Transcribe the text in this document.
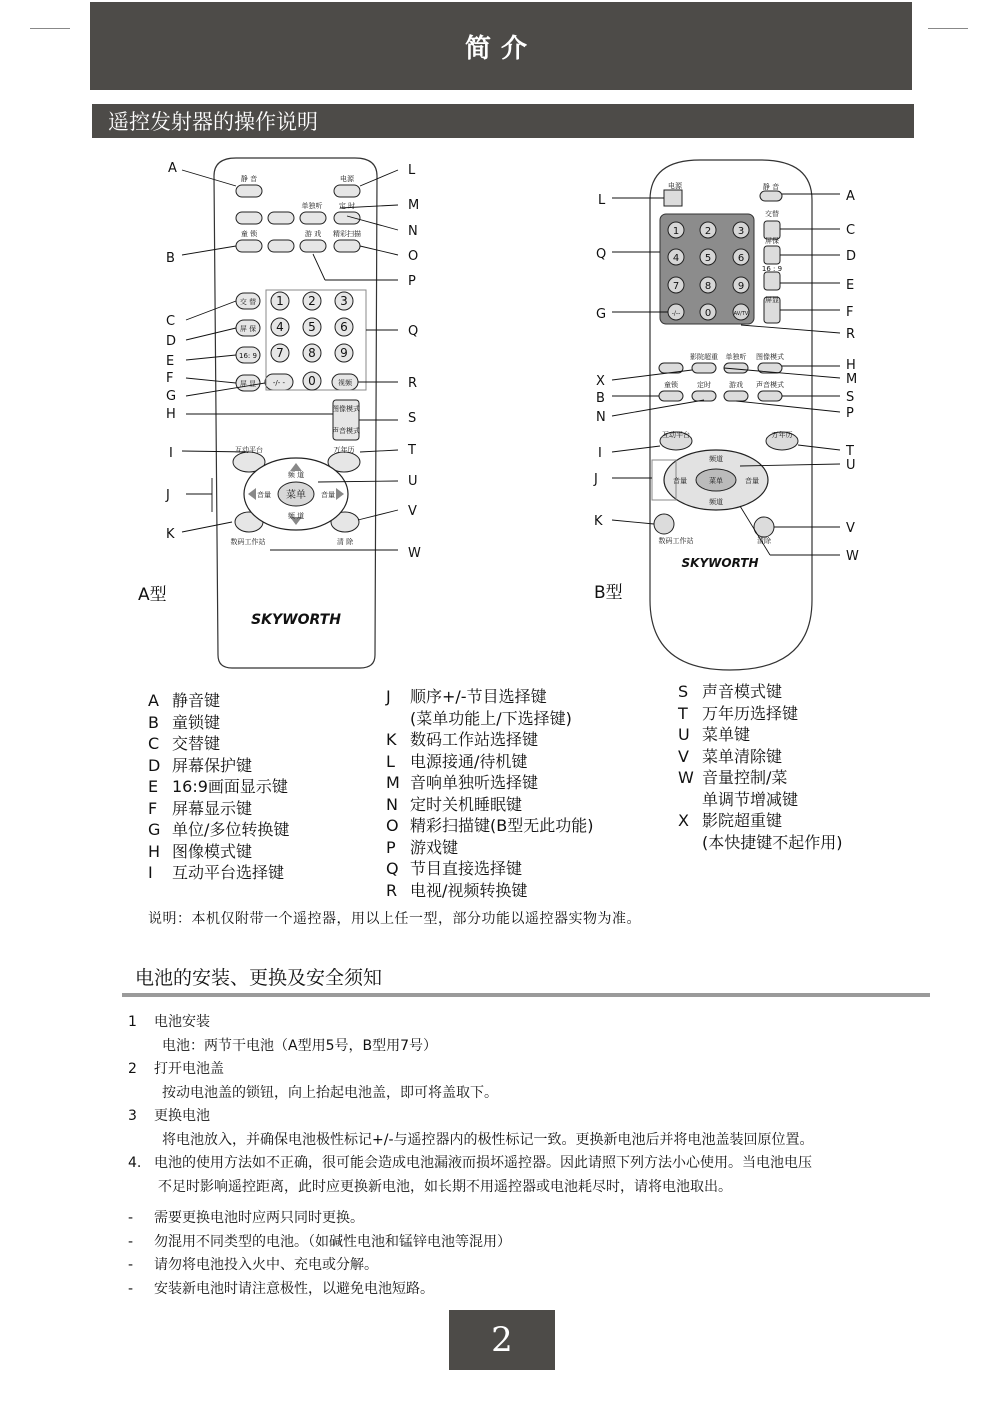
简介
遥控发射器的操作说明
静 音	电源
单独听 定 时
童 锁	游 戏 精彩扫描
交 替
屏 保
16: 9
屏 显 -/- -	视频
图像模式
声音模式
互动平台	万年历
频 道
频 道
音量	音量
菜单
数码工作站	清 除
1 2 3
4 5 6
7 8 9
0
SKYWORTH
A
B
C
D
E
F
G
H
I
J
K
L
M
N
O
P
Q
R
S
T
U
V
W
电源	静 音
交替
屏保
16 : 9
屏显
影院超重 单独听 图像模式
童锁	定时	游戏 声音模式
互动平台	万年历
频道
频道
菜单
音量	音量
数码工作站	清除
-/--	AV/TV
1	2	3
4	5	6
7	8	9
0
SKYWORTH
L
Q
G
A
C
D
E
F
R
H
X	M
B	S
N	P
I	T
J
U
K	V
W
A型	B型
A 静音键
B 童锁键
C 交替键
D 屏幕保护键
E 16:9画面显示键
F 屏幕显示键
G 单位/多位转换键
H 图像模式键
I	互动平台选择键
J	顺序+/-节目选择键
(菜单功能上/下选择键)
K 数码工作站选择键
L 电源接通/待机键
M 音响单独听选择键
N 定时关机睡眠键
O 精彩扫描键(B型无此功能)
P 游戏键
Q 节目直接选择键
R 电视/视频转换键
S 声音模式键
T 万年历选择键
U 菜单键
V 菜单清除键
W 音量控制/菜
单调节增减键
X 影院超重键
(本快捷键不起作用)
说明：本机仅附带一个遥控器，用以上任一型，部分功能以遥控器实物为准。
电池的安装、更换及安全须知
1 电池安装
电池：两节干电池（A型用5号，B型用7号）
2 打开电池盖
按动电池盖的锁钮，向上抬起电池盖，即可将盖取下。
3 更换电池
将电池放入，并确保电池极性标记+/-与遥控器内的极性标记一致。更换新电池后并将电池盖装回原位置。
4. 电池的使用方法如不正确，很可能会造成电池漏液而损坏遥控器。因此请照下列方法小心使用。当电池电压
不足时影响遥控距离，此时应更换新电池，如长期不用遥控器或电池耗尽时，请将电池取出。
- 需要更换电池时应两只同时更换。
- 勿混用不同类型的电池。（如碱性电池和锰锌电池等混用）
- 请勿将电池投入火中、充电或分解。
- 安装新电池时请注意极性，以避免电池短路。
2
